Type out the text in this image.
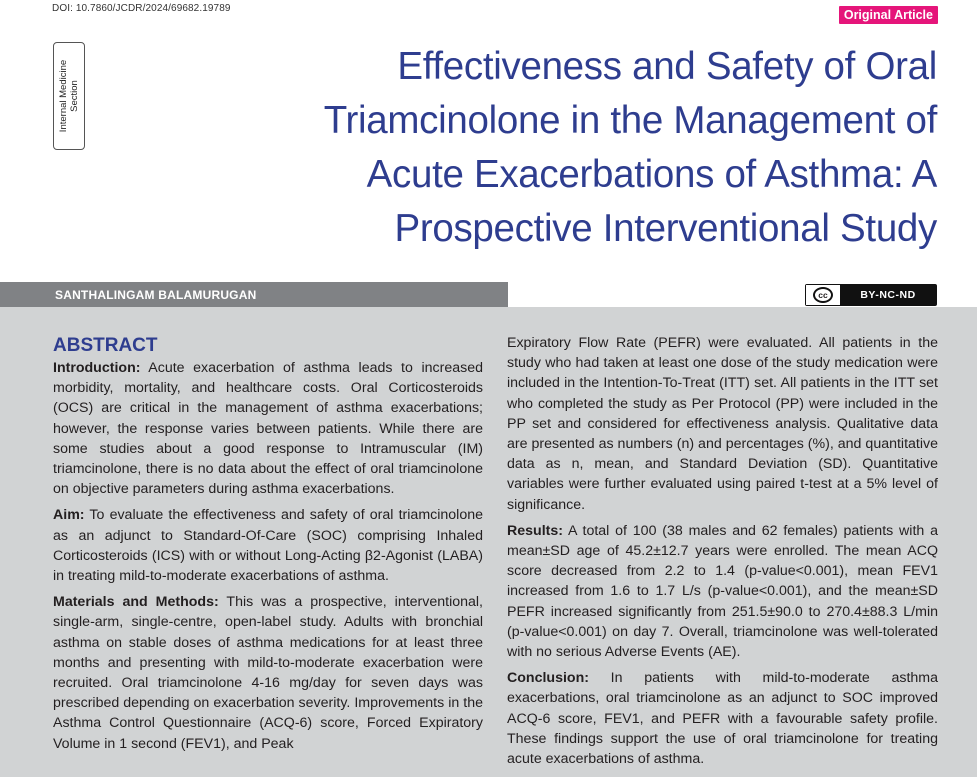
DOI: 10.7860/JCDR/2024/69682.19789	Original Article
Internal Medicine Section
Effectiveness and Safety of Oral Triamcinolone in the Management of Acute Exacerbations of Asthma: A Prospective Interventional Study
SANTHALINGAM BALAMURUGAN	cc	BY-NC-ND
ABSTRACT

Introduction: Acute exacerbation of asthma leads to increased morbidity, mortality, and healthcare costs. Oral Corticosteroids (OCS) are critical in the management of asthma exacerbations; however, the response varies between patients. While there are some studies about a good response to Intramuscular (IM) triamcinolone, there is no data about the effect of oral triamcinolone on objective parameters during asthma exacerbations.

Aim: To evaluate the effectiveness and safety of oral triamcinolone as an adjunct to Standard-Of-Care (SOC) comprising Inhaled Corticosteroids (ICS) with or without Long-Acting β2-Agonist (LABA) in treating mild-to-moderate exacerbations of asthma.

Materials and Methods: This was a prospective, interventional, single-arm, single-centre, open-label study. Adults with bronchial asthma on stable doses of asthma medications for at least three months and presenting with mild-to-moderate exacerbation were recruited. Oral triamcinolone 4-16 mg/day for seven days was prescribed depending on exacerbation severity. Improvements in the Asthma Control Questionnaire (ACQ-6) score, Forced Expiratory Volume in 1 second (FEV1), and Peak

Expiratory Flow Rate (PEFR) were evaluated. All patients in the study who had taken at least one dose of the study medication were included in the Intention-To-Treat (ITT) set. All patients in the ITT set who completed the study as Per Protocol (PP) were included in the PP set and considered for effectiveness analysis. Qualitative data are presented as numbers (n) and percentages (%), and quantitative data as n, mean, and Standard Deviation (SD). Quantitative variables were further evaluated using paired t-test at a 5% level of significance.

Results: A total of 100 (38 males and 62 females) patients with a mean±SD age of 45.2±12.7 years were enrolled. The mean ACQ score decreased from 2.2 to 1.4 (p-value<0.001), mean FEV1 increased from 1.6 to 1.7 L/s (p-value<0.001), and the mean±SD PEFR increased significantly from 251.5±90.0 to 270.4±88.3 L/min (p-value<0.001) on day 7. Overall, triamcinolone was well-tolerated with no serious Adverse Events (AE).

Conclusion: In patients with mild-to-moderate asthma exacerbations, oral triamcinolone as an adjunct to SOC improved ACQ-6 score, FEV1, and PEFR with a favourable safety profile. These findings support the use of oral triamcinolone for treating acute exacerbations of asthma.
